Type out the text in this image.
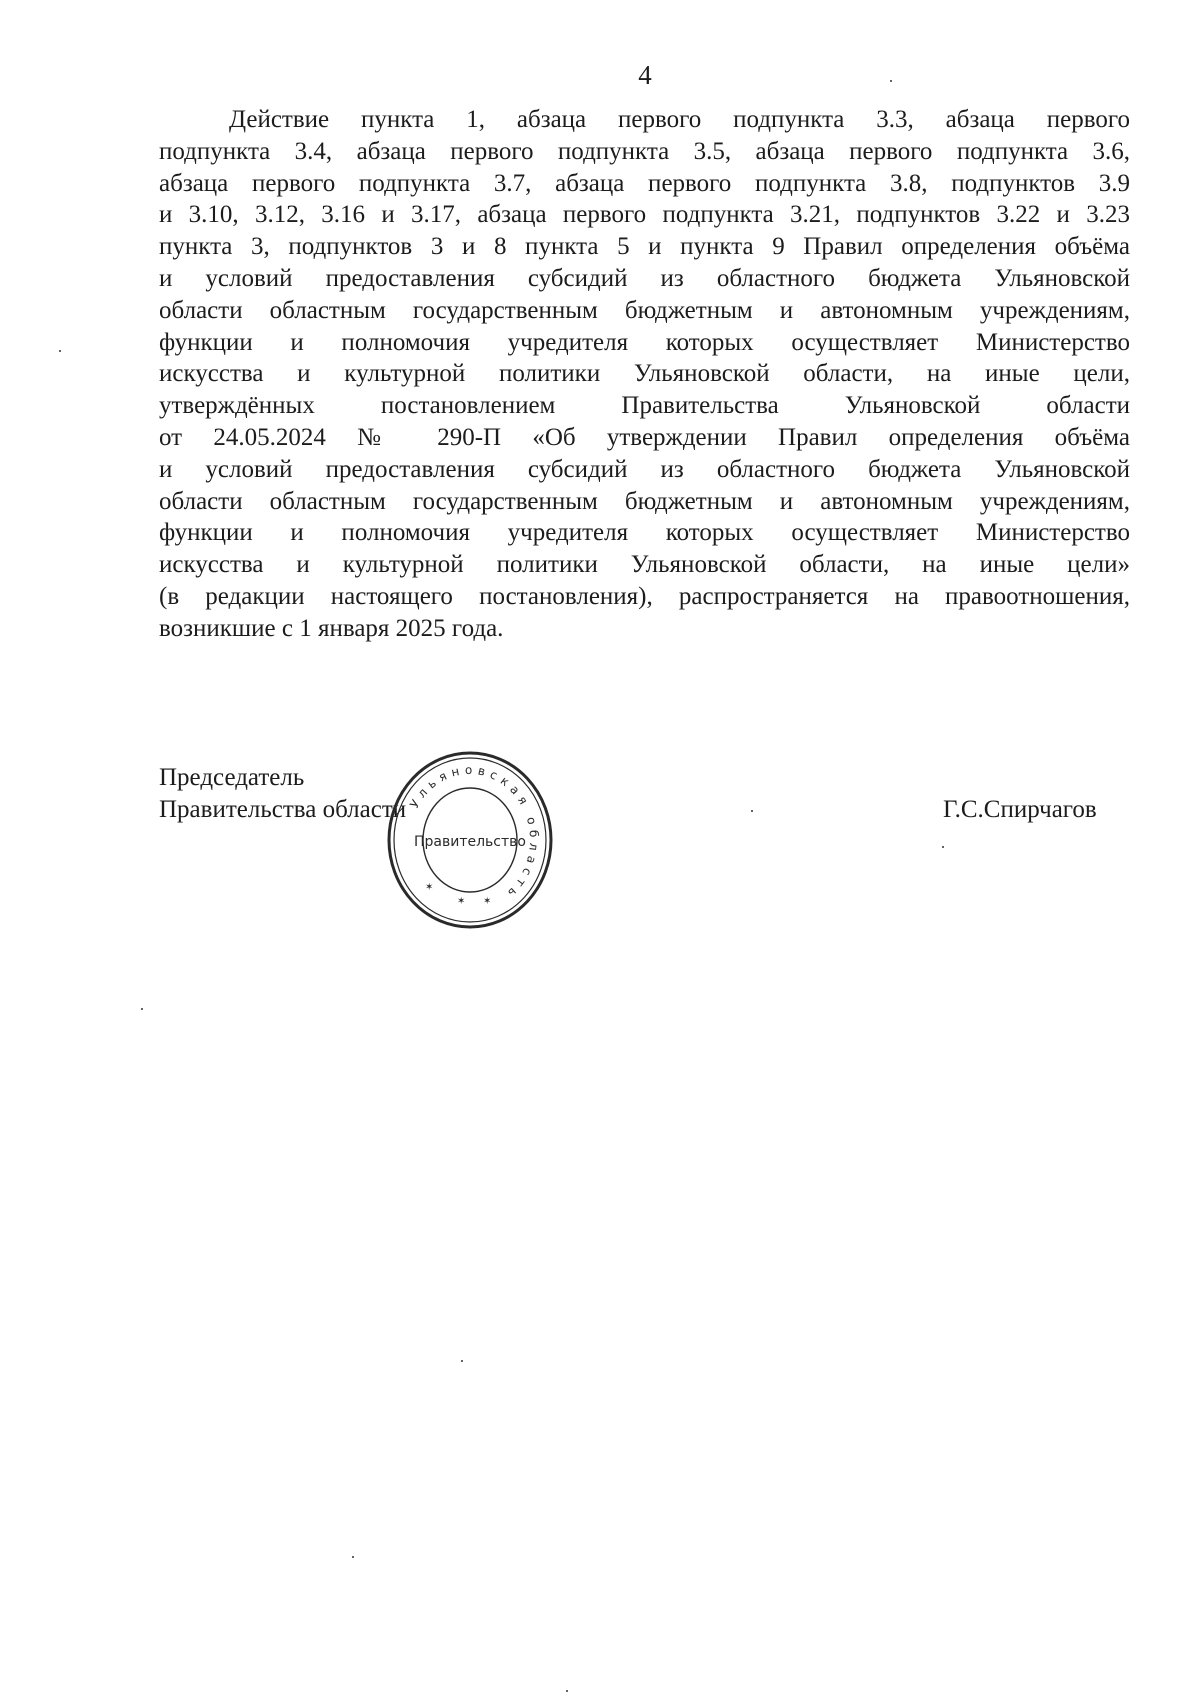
4
Действие пункта 1, абзаца первого подпункта 3.3, абзаца первого
подпункта 3.4, абзаца первого подпункта 3.5, абзаца первого подпункта 3.6,
абзаца первого подпункта 3.7, абзаца первого подпункта 3.8, подпунктов 3.9
и 3.10, 3.12, 3.16 и 3.17, абзаца первого подпункта 3.21, подпунктов 3.22 и 3.23
пункта 3, подпунктов 3 и 8 пункта 5 и пункта 9 Правил определения объёма
и условий предоставления субсидий из областного бюджета Ульяновской
области областным государственным бюджетным и автономным учреждениям,
функции и полномочия учредителя которых осуществляет Министерство
искусства и культурной политики Ульяновской области, на иные цели,
утверждённых постановлением Правительства Ульяновской области
от 24.05.2024 № 290-П «Об утверждении Правил определения объёма
и условий предоставления субсидий из областного бюджета Ульяновской
области областным государственным бюджетным и автономным учреждениям,
функции и полномочия учредителя которых осуществляет Министерство
искусства и культурной политики Ульяновской области, на иные цели»
(в редакции настоящего постановления), распространяется на правоотношения,
возникшие с 1 января 2025 года.
Председатель
Правительства области	Г.С.Спирчагов
Ульяновская область
Правительство
✶ ✶
✶
